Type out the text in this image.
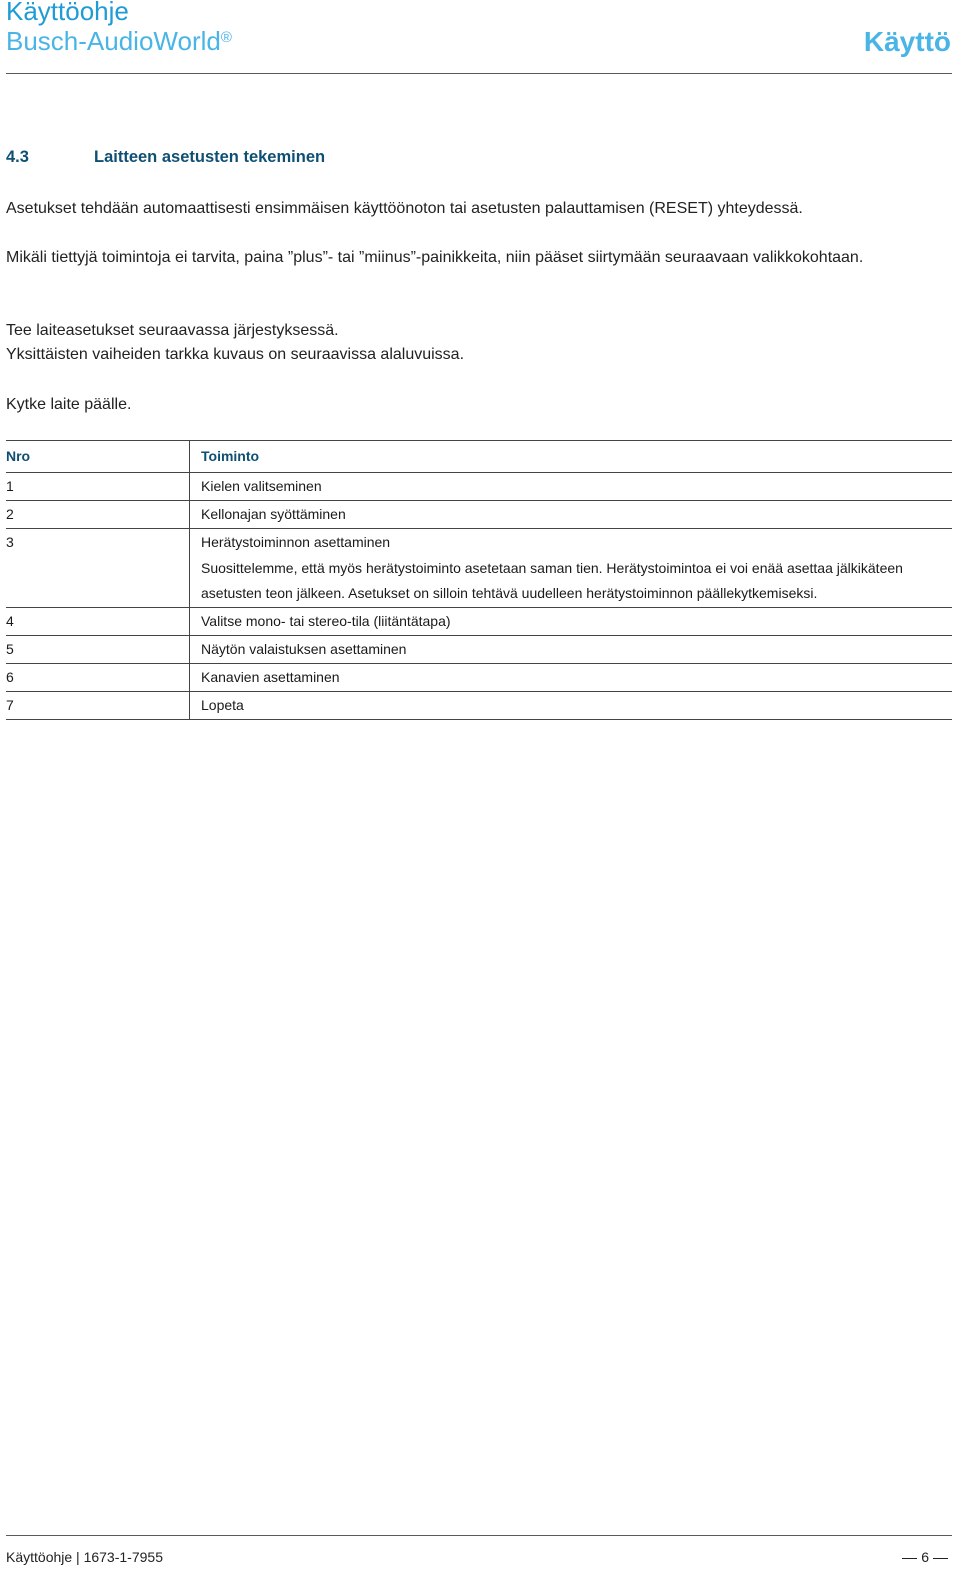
Käyttöohje
Busch-AudioWorld®	Käyttö
4.3	Laitteen asetusten tekeminen
Asetukset tehdään automaattisesti ensimmäisen käyttöönoton tai asetusten palauttamisen (RESET) yhteydessä.
Mikäli tiettyjä toimintoja ei tarvita, paina ”plus”- tai ”miinus”-painikkeita, niin pääset siirtymään seuraavaan valikkokohtaan.
Tee laiteasetukset seuraavassa järjestyksessä.
Yksittäisten vaiheiden tarkka kuvaus on seuraavissa alaluvuissa.
Kytke laite päälle.
Nro	Toiminto
1	Kielen valitseminen
2	Kellonajan syöttäminen
3	Herätystoiminnon asettaminen
Suosittelemme, että myös herätystoiminto asetetaan saman tien. Herätystoimintoa ei voi enää asettaa jälkikäteen asetusten teon jälkeen. Asetukset on silloin tehtävä uudelleen herätystoiminnon päällekytkemiseksi.

4	Valitse mono- tai stereo-tila (liitäntätapa)
5	Näytön valaistuksen asettaminen
6	Kanavien asettaminen
7	Lopeta
Käyttöohje | 1673-1-7955	6
